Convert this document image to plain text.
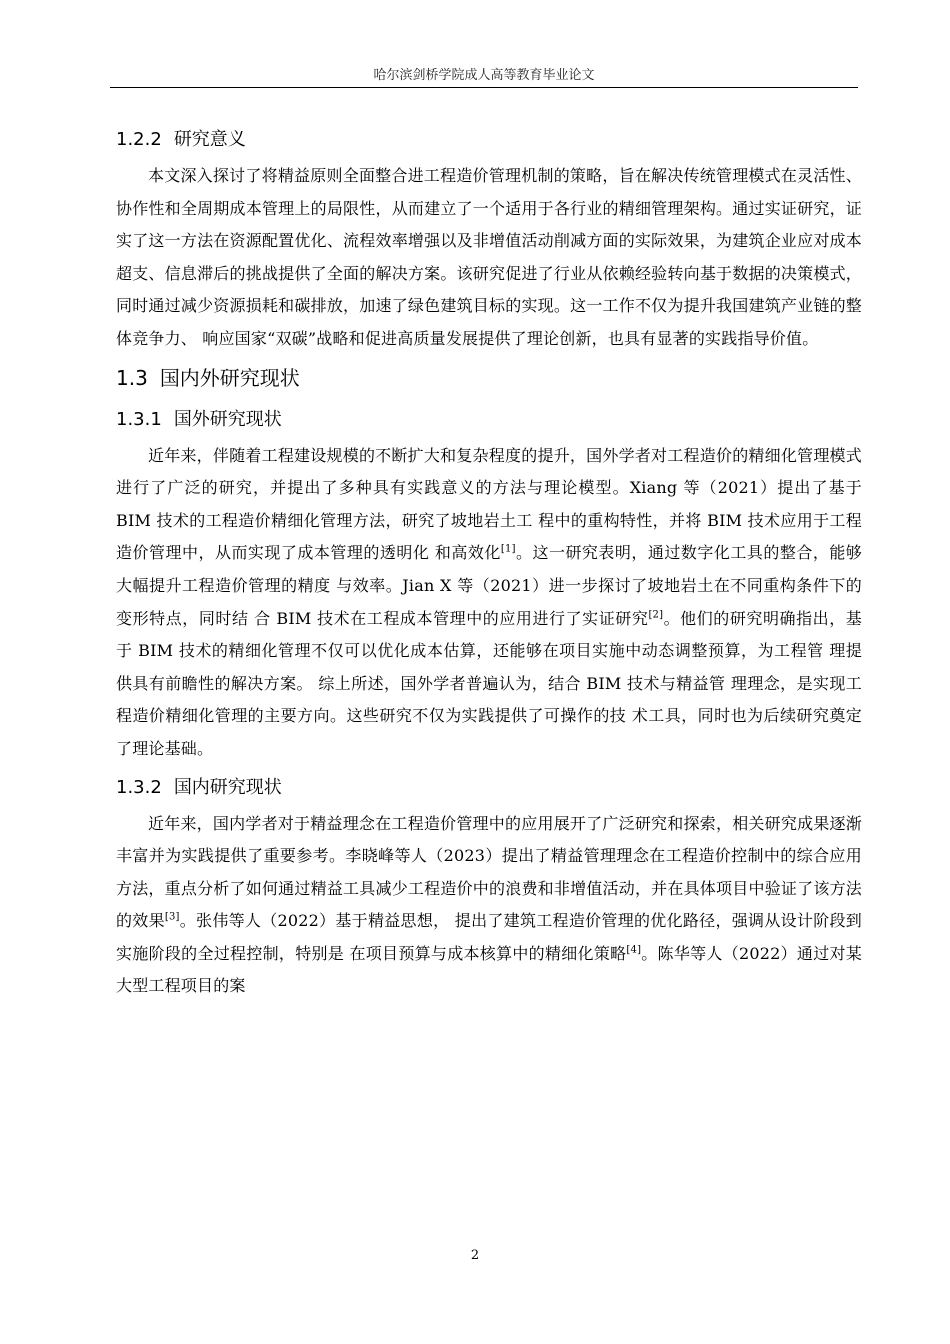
哈尔滨剑桥学院成人高等教育毕业论文
1.2.2 研究意义

本文深入探讨了将精益原则全面整合进工程造价管理机制的策略，旨在解决传统管理模式在灵活性、协作性和全周期成本管理上的局限性，从而建立了一个适用于各行业的精细管理架构。通过实证研究，证实了这一方法在资源配置优化、流程效率增强以及非增值活动削减方面的实际效果，为建筑企业应对成本超支、信息滞后的挑战提供了全面的解决方案。该研究促进了行业从依赖经验转向基于数据的决策模式，同时通过减少资源损耗和碳排放，加速了绿色建筑目标的实现。这一工作不仅为提升我国建筑产业链的整体竞争力、 响应国家“双碳”战略和促进高质量发展提供了理论创新，也具有显著的实践指导价值。

1.3 国内外研究现状
1.3.1 国外研究现状

近年来，伴随着工程建设规模的不断扩大和复杂程度的提升，国外学者对工程造价的精细化管理模式进行了广泛的研究，并提出了多种具有实践意义的方法与理论模型。Xiang 等（2021）提出了基于 BIM 技术的工程造价精细化管理方法，研究了坡地岩土工 程中的重构特性，并将 BIM 技术应用于工程造价管理中，从而实现了成本管理的透明化 和高效化[1]。这一研究表明，通过数字化工具的整合，能够大幅提升工程造价管理的精度 与效率。Jian X 等（2021）进一步探讨了坡地岩土在不同重构条件下的变形特点，同时结 合 BIM 技术在工程成本管理中的应用进行了实证研究[2]。他们的研究明确指出，基于 BIM 技术的精细化管理不仅可以优化成本估算，还能够在项目实施中动态调整预算，为工程管 理提供具有前瞻性的解决方案。 综上所述，国外学者普遍认为，结合 BIM 技术与精益管 理理念，是实现工程造价精细化管理的主要方向。这些研究不仅为实践提供了可操作的技 术工具，同时也为后续研究奠定了理论基础。

1.3.2 国内研究现状

近年来，国内学者对于精益理念在工程造价管理中的应用展开了广泛研究和探索，相关研究成果逐渐丰富并为实践提供了重要参考。李晓峰等人（2023）提出了精益管理理念在工程造价控制中的综合应用方法，重点分析了如何通过精益工具减少工程造价中的浪费和非增值活动，并在具体项目中验证了该方法的效果[3]。张伟等人（2022）基于精益思想， 提出了建筑工程造价管理的优化路径，强调从设计阶段到实施阶段的全过程控制，特别是 在项目预算与成本核算中的精细化策略[4]。陈华等人（2022）通过对某大型工程项目的案

2
